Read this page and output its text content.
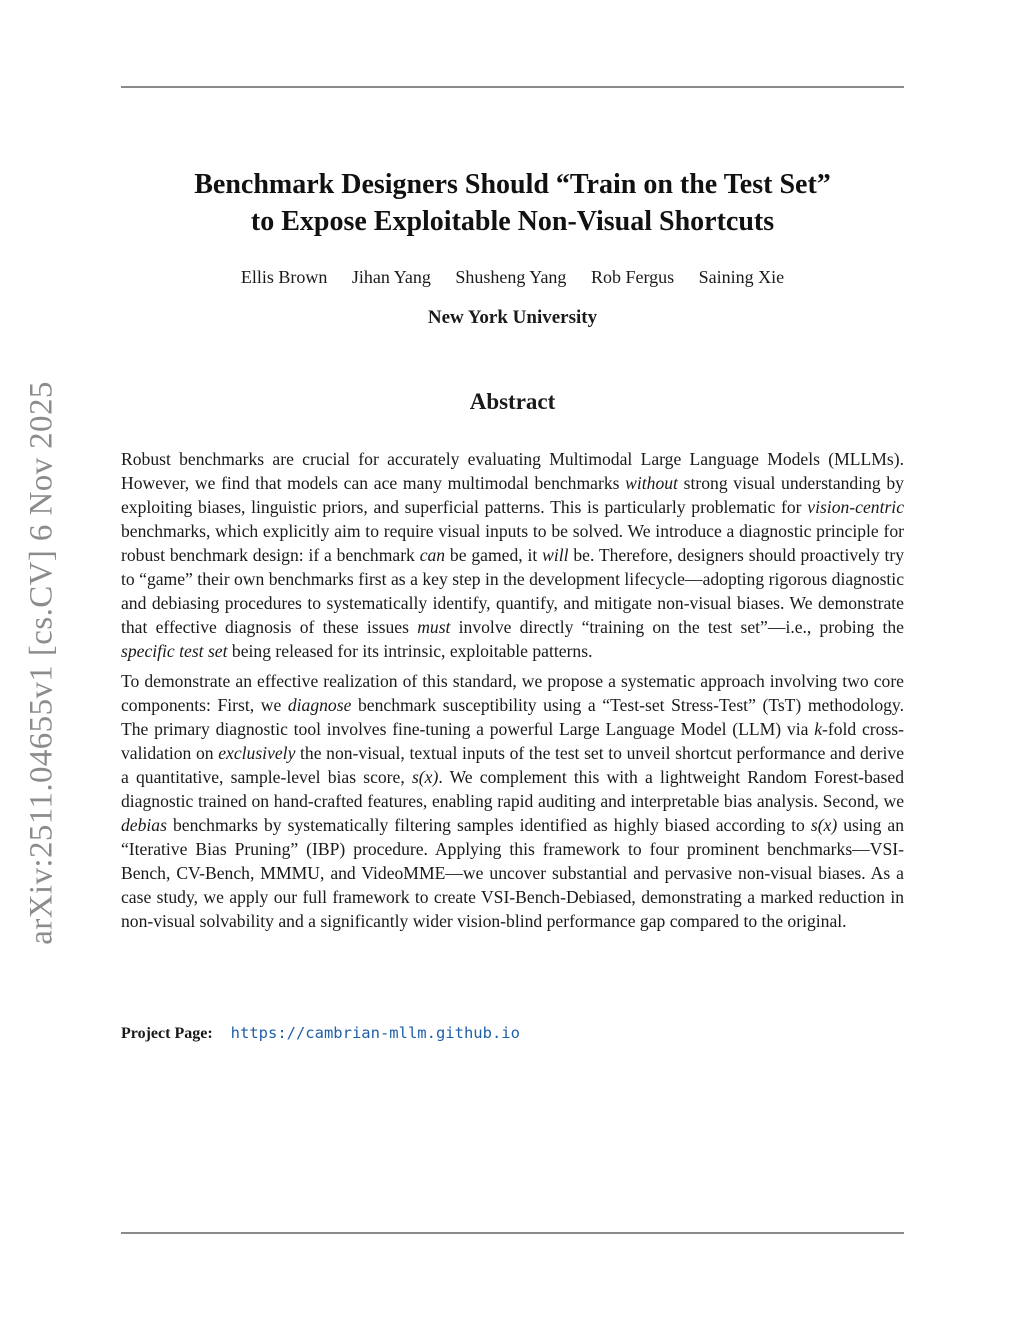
arXiv:2511.04655v1 [cs.CV] 6 Nov 2025
Benchmark Designers Should “Train on the Test Set”
to Expose Exploitable Non-Visual Shortcuts
Ellis Brown Jihan Yang Shusheng Yang Rob Fergus Saining Xie
New York University
Abstract

Robust benchmarks are crucial for accurately evaluating Multimodal Large Language Models (MLLMs). However, we find that models can ace many multimodal benchmarks without strong visual understanding by exploiting biases, linguistic priors, and superficial patterns. This is particularly problematic for vision-centric benchmarks, which explicitly aim to require visual inputs to be solved. We introduce a diagnostic principle for robust benchmark design: if a benchmark can be gamed, it will be. Therefore, designers should proactively try to “game” their own benchmarks first as a key step in the development lifecycle—adopting rigorous diagnostic and debiasing procedures to systematically identify, quantify, and mitigate non-visual biases. We demonstrate that effective diagnosis of these issues must involve directly “training on the test set”—i.e., probing the specific test set being released for its intrinsic, exploitable patterns.

To demonstrate an effective realization of this standard, we propose a systematic approach involving two core components: First, we diagnose benchmark susceptibility using a “Test-set Stress-Test” (TsT) methodology. The primary diagnostic tool involves fine-tuning a powerful Large Language Model (LLM) via k-fold cross-validation on exclusively the non-visual, textual inputs of the test set to unveil shortcut performance and derive a quantitative, sample-level bias score, s(x). We complement this with a lightweight Random Forest-based diagnostic trained on hand-crafted features, enabling rapid auditing and interpretable bias analysis. Second, we debias benchmarks by systematically filtering samples identified as highly biased according to s(x) using an “Iterative Bias Pruning” (IBP) procedure. Applying this framework to four prominent benchmarks—VSI-Bench, CV-Bench, MMMU, and VideoMME—we uncover substantial and pervasive non-visual biases. As a case study, we apply our full framework to create VSI-Bench-Debiased, demonstrating a marked reduction in non-visual solvability and a significantly wider vision-blind performance gap compared to the original.

Project Page: https://cambrian-mllm.github.io
